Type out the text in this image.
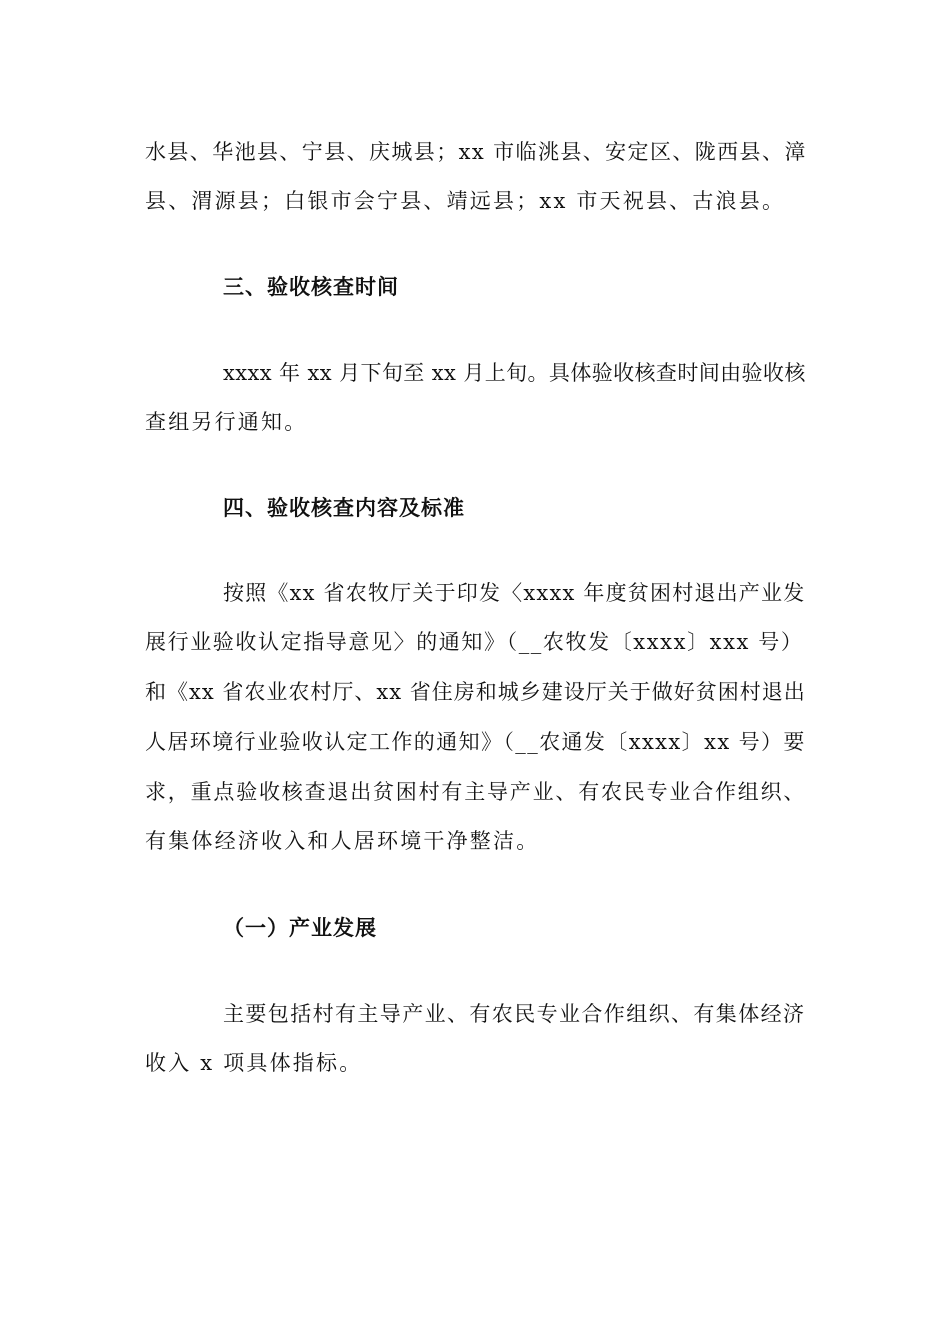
水县、华池县、宁县、庆城县；xx 市临洮县、安定区、陇西县、漳
县、渭源县；白银市会宁县、靖远县；xx 市天祝县、古浪县。
三、验收核查时间
xxxx 年 xx 月下旬至 xx 月上旬。具体验收核查时间由验收核
查组另行通知。
四、验收核查内容及标准
按照《xx 省农牧厅关于印发〈xxxx 年度贫困村退出产业发
展行业验收认定指导意见〉的通知》（__农牧发〔xxxx〕xxx 号）
和《xx 省农业农村厅、xx 省住房和城乡建设厅关于做好贫困村退出
人居环境行业验收认定工作的通知》（__农通发〔xxxx〕xx 号）要
求，重点验收核查退出贫困村有主导产业、有农民专业合作组织、
有集体经济收入和人居环境干净整洁。
（一）产业发展
主要包括村有主导产业、有农民专业合作组织、有集体经济
收入 x 项具体指标。
